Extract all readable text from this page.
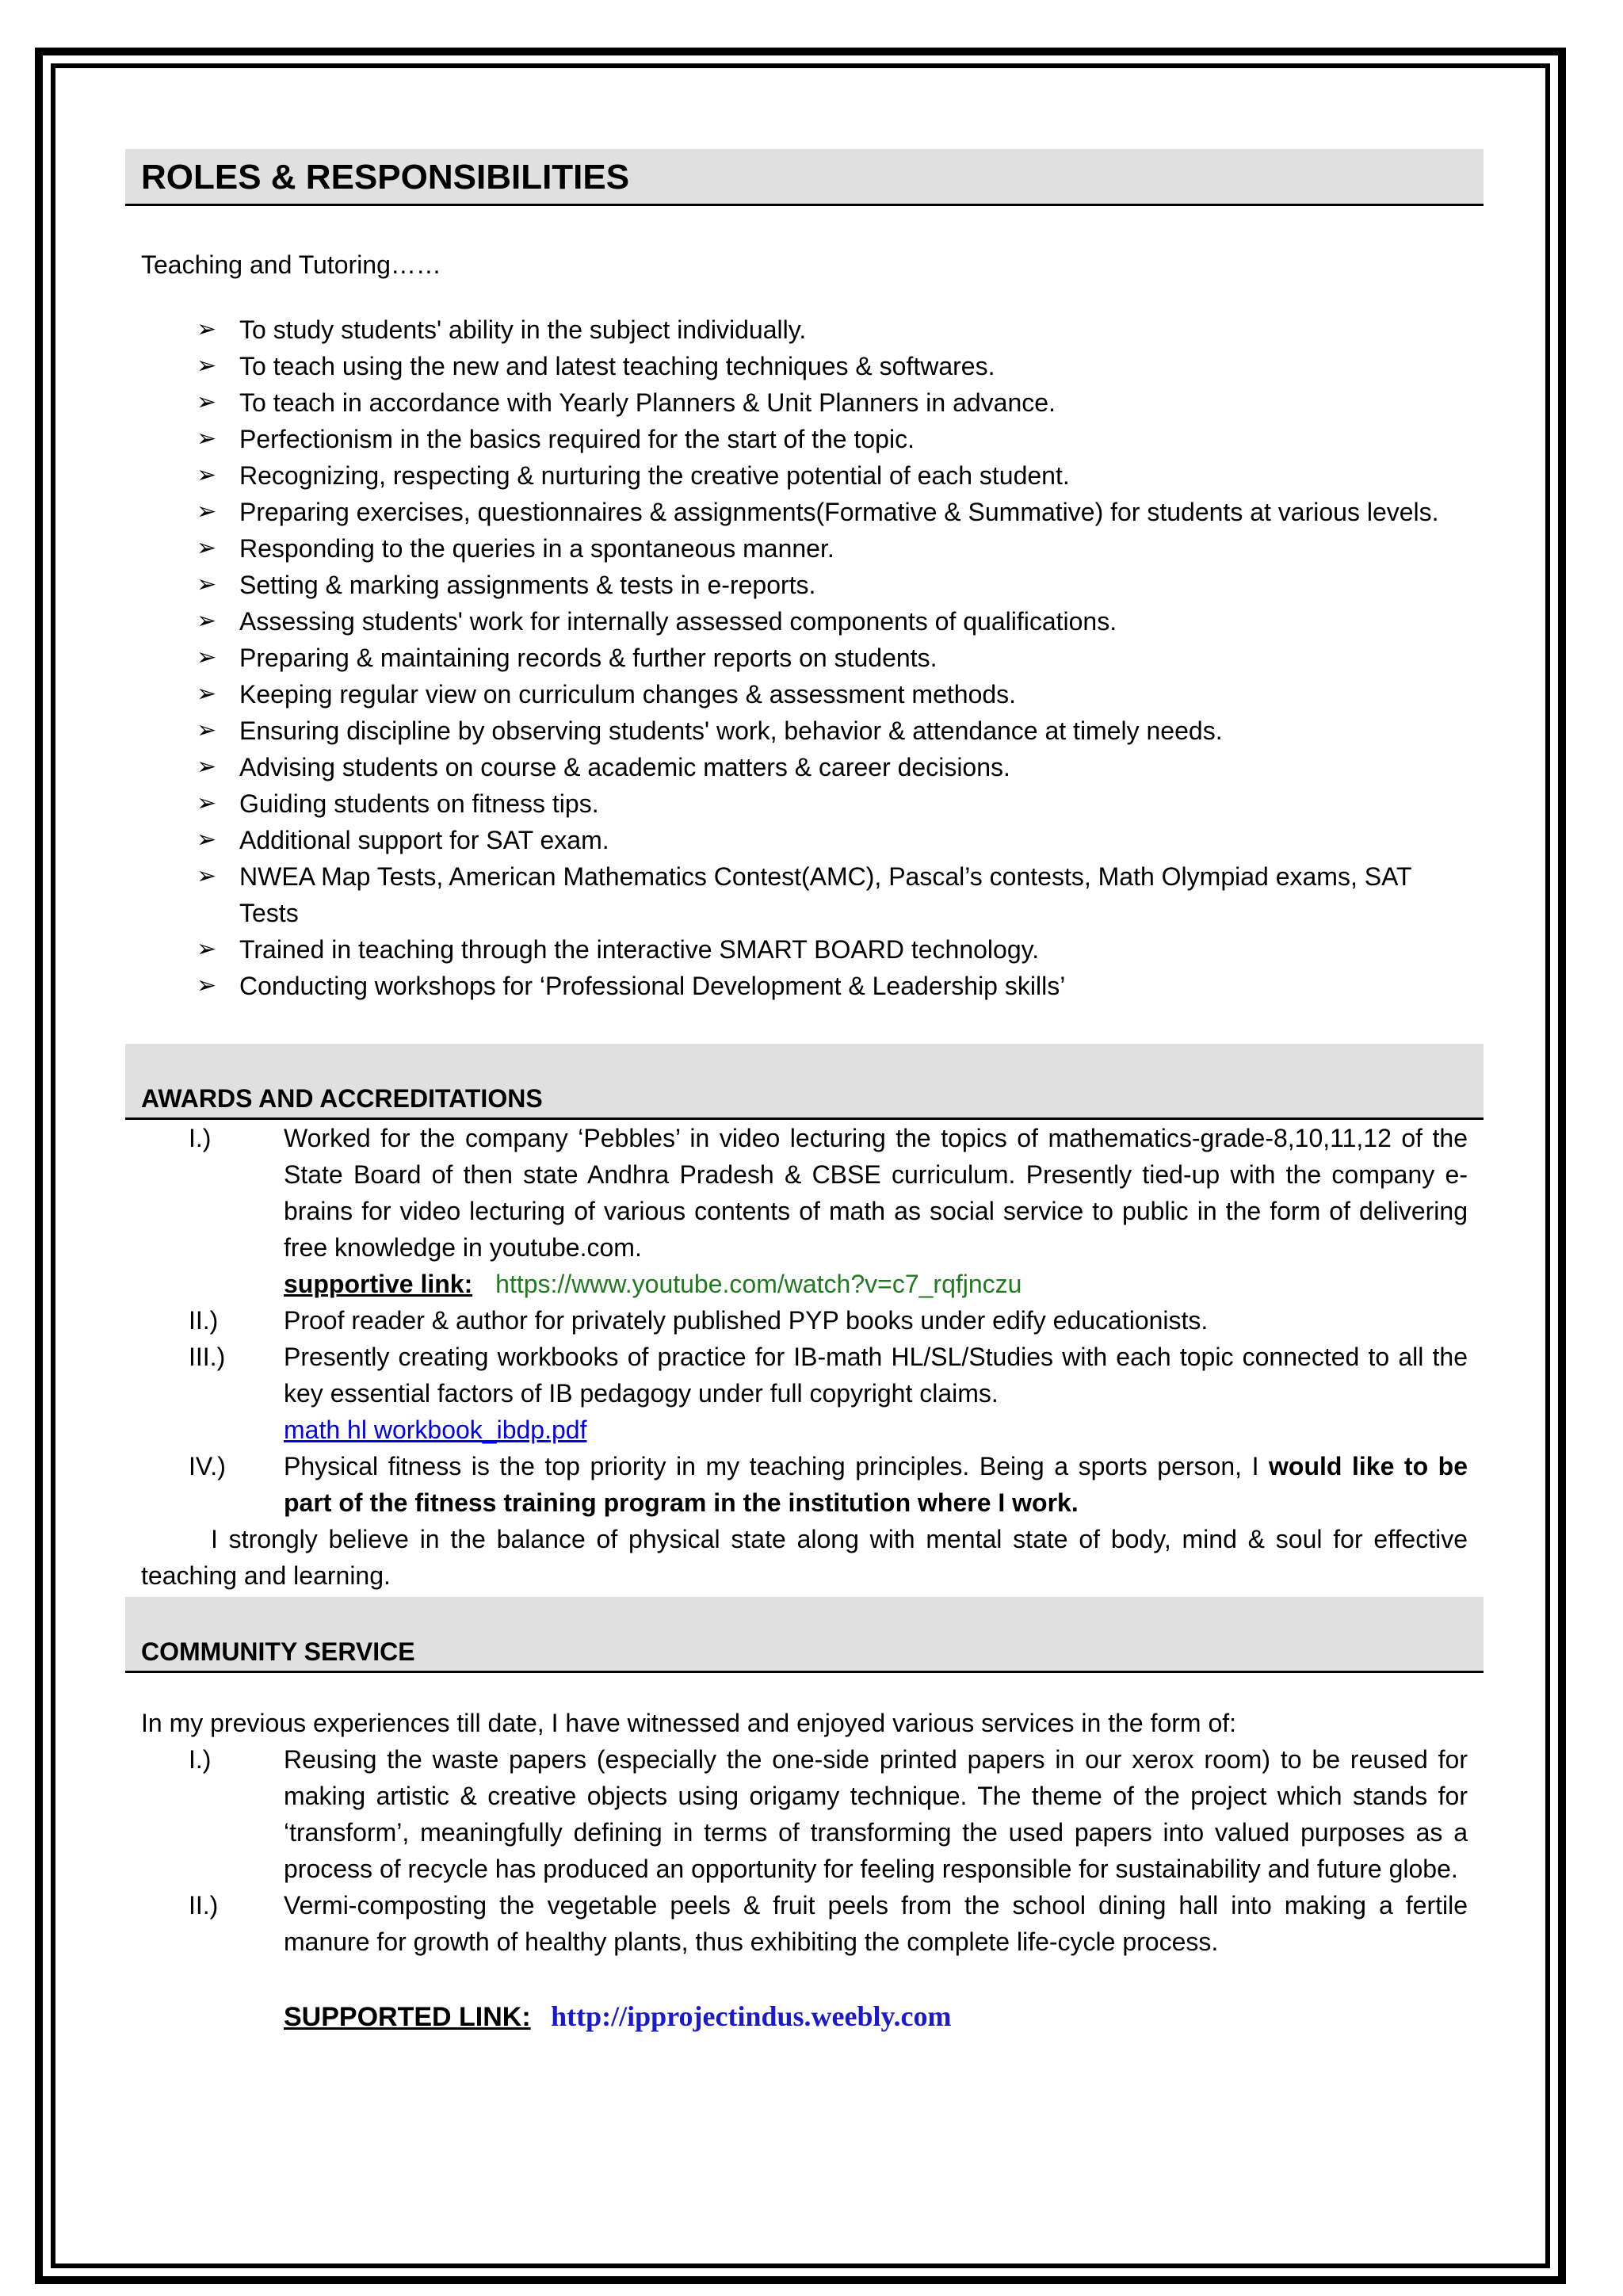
ROLES & RESPONSIBILITIES
Teaching and Tutoring……
➢ To study students' ability in the subject individually.
➢ To teach using the new and latest teaching techniques & softwares.
➢ To teach in accordance with Yearly Planners & Unit Planners in advance.
➢ Perfectionism in the basics required for the start of the topic.
➢ Recognizing, respecting & nurturing the creative potential of each student.
➢ Preparing exercises, questionnaires & assignments(Formative & Summative) for students at various levels.
➢ Responding to the queries in a spontaneous manner.
➢ Setting & marking assignments & tests in e-reports.
➢ Assessing students' work for internally assessed components of qualifications.
➢ Preparing & maintaining records & further reports on students.
➢ Keeping regular view on curriculum changes & assessment methods.
➢ Ensuring discipline by observing students' work, behavior & attendance at timely needs.
➢ Advising students on course & academic matters & career decisions.
➢ Guiding students on fitness tips.
➢ Additional support for SAT exam.
➢ NWEA Map Tests, American Mathematics Contest(AMC), Pascal’s contests, Math Olympiad exams, SAT Tests
➢ Trained in teaching through the interactive SMART BOARD technology.
➢ Conducting workshops for ‘Professional Development & Leadership skills’
AWARDS AND ACCREDITATIONS
I.)	Worked for the company ‘Pebbles’ in video lecturing the topics of mathematics-grade-8,10,11,12 of the State Board of then state Andhra Pradesh & CBSE curriculum. Presently tied-up with the company e-brains for video lecturing of various contents of math as social service to public in the form of delivering free knowledge in youtube.com.
supportive link: https://www.youtube.com/watch?v=c7_rqfjnczu
II.)	Proof reader & author for privately published PYP books under edify educationists.
III.) Presently creating workbooks of practice for IB-math HL/SL/Studies with each topic connected to all the key essential factors of IB pedagogy under full copyright claims.
math hl workbook_ibdp.pdf
IV.) Physical fitness is the top priority in my teaching principles. Being a sports person, I would like to be part of the fitness training program in the institution where I work.
I strongly believe in the balance of physical state along with mental state of body, mind & soul for effective teaching and learning.
COMMUNITY SERVICE
In my previous experiences till date, I have witnessed and enjoyed various services in the form of:
I.)	Reusing the waste papers (especially the one-side printed papers in our xerox room) to be reused for making artistic & creative objects using origamy technique. The theme of the project which stands for ‘transform’, meaningfully defining in terms of transforming the used papers into valued purposes as a process of recycle has produced an opportunity for feeling responsible for sustainability and future globe.
II.)	Vermi-composting the vegetable peels & fruit peels from the school dining hall into making a fertile manure for growth of healthy plants, thus exhibiting the complete life-cycle process.
SUPPORTED LINK: http://ipprojectindus.weebly.com
